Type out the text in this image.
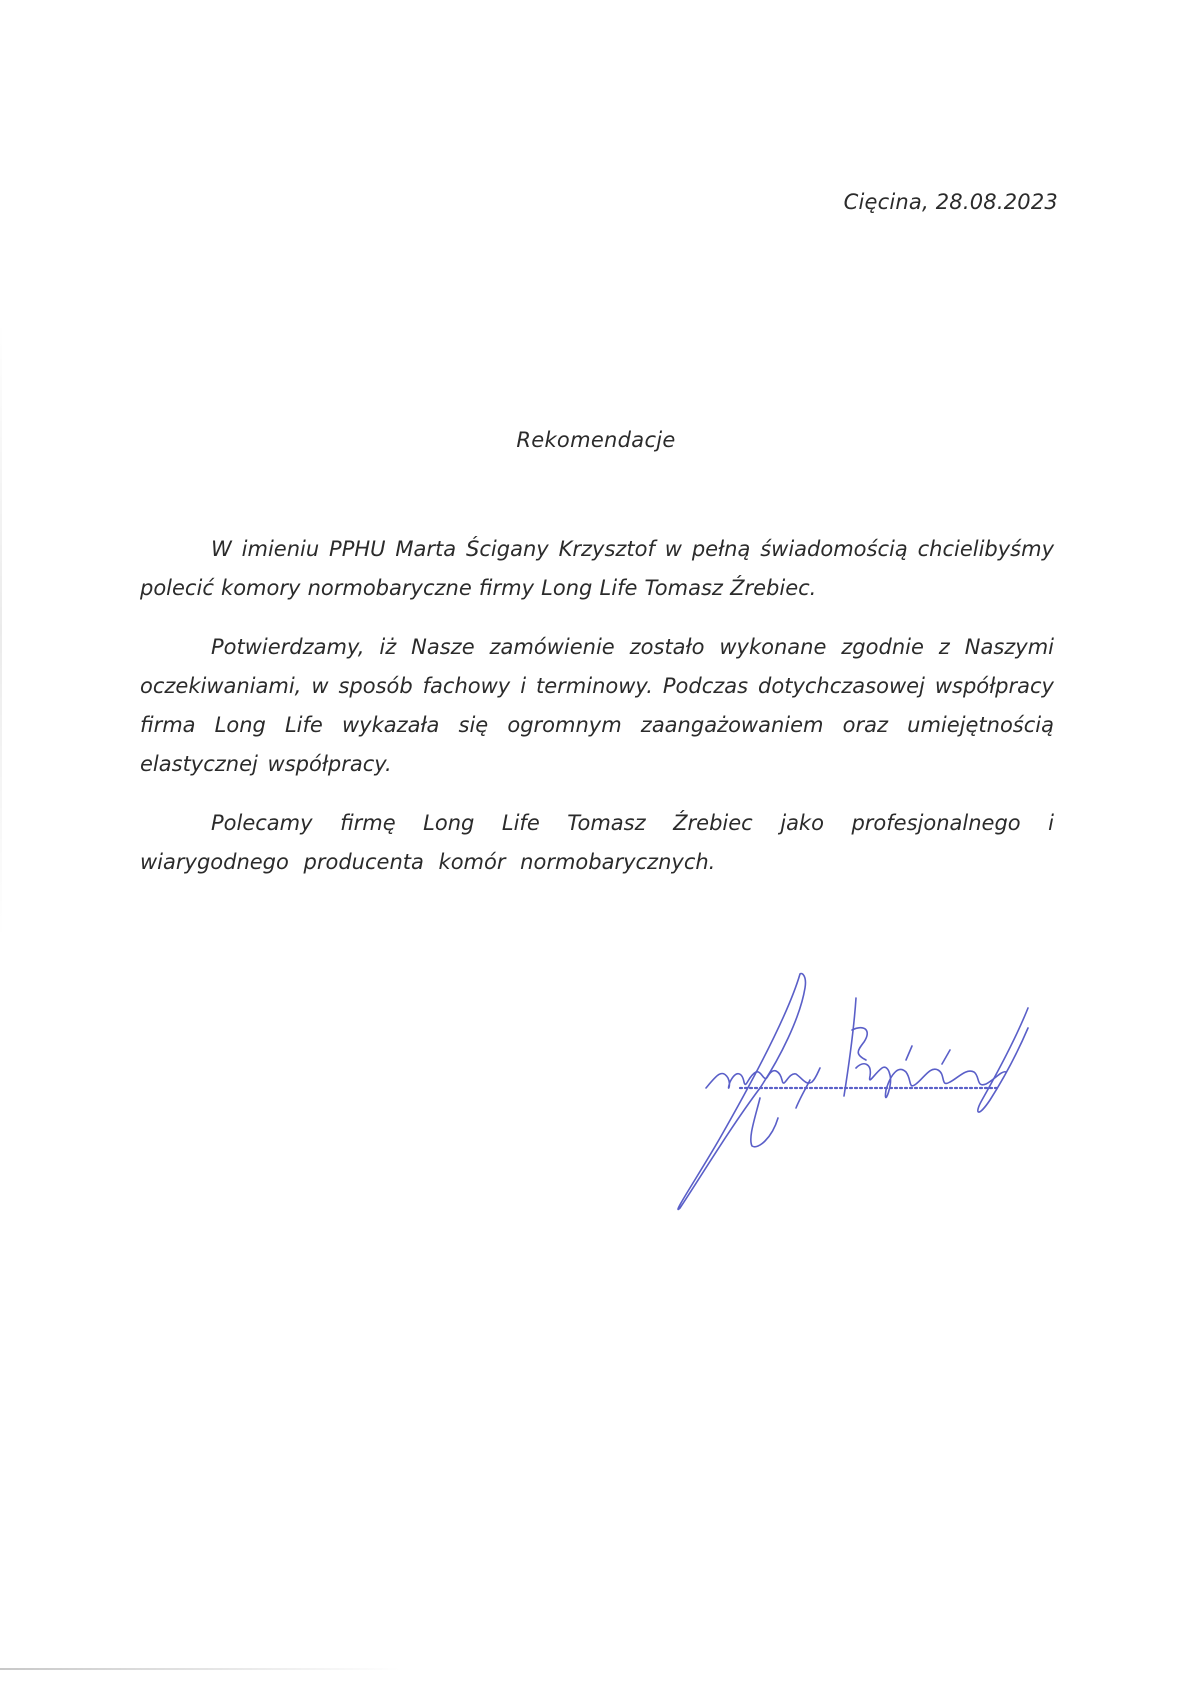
Cięcina, 28.08.2023
Rekomendacje

W imieniu PPHU Marta Ścigany Krzysztof w pełną świadomością chcielibyśmy polecić komory normobaryczne firmy Long Life Tomasz Źrebiec.

Potwierdzamy, iż Nasze zamówienie zostało wykonane zgodnie z Naszymi oczekiwaniami, w sposób fachowy i terminowy. Podczas dotychczasowej współpracy firma Long Life wykazała się ogromnym zaangażowaniem oraz umiejętnością elastycznej współpracy.

Polecamy firmę Long Life Tomasz Źrebiec jako profesjonalnego i wiarygodnego producenta komór normobarycznych.
